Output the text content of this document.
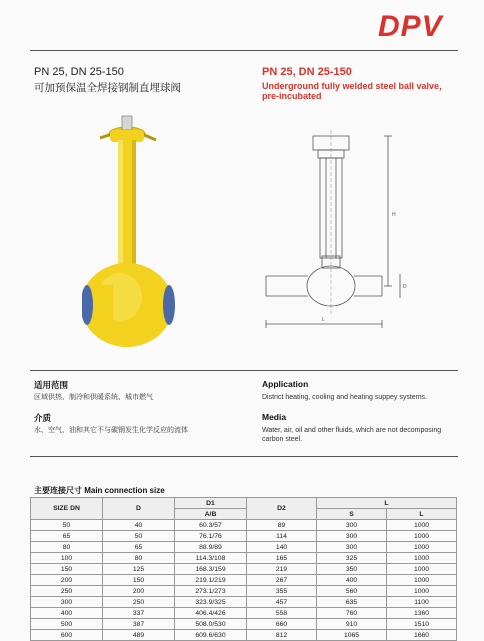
DPV
PN 25, DN 25-150
可加预保温全焊接钢制直埋球阀
PN 25, DN 25-150
Underground fully welded steel ball valve，pre-incubated
H
L
D
适用范围
区域供热、制冷和供暖系统、城市燃气
Application
District heating, cooling and heating suppey systems.
介质
水、空气、油和其它不与碳钢发生化学反应的流体
Media
Water, air, oil and other fluids, which are not decomposing carbon steel.
主要连接尺寸 Main connection size
SIZE DN	D	D1	D2	L	
		A/B		S	L
50	40	60.3/57	89	300	1000
65	50	76.1/76	114	300	1000
80	65	88.9/89	140	300	1000
100	80	114.3/108	165	325	1000
150	125	168.3/159	219	350	1000
200	150	219.1/219	267	400	1000
250	200	273.1/273	355	560	1000
300	250	323.9/325	457	635	1100
400	337	406.4/426	558	760	1360
500	387	508.0/530	660	910	1510
600	489	609.6/630	812	1065	1660
